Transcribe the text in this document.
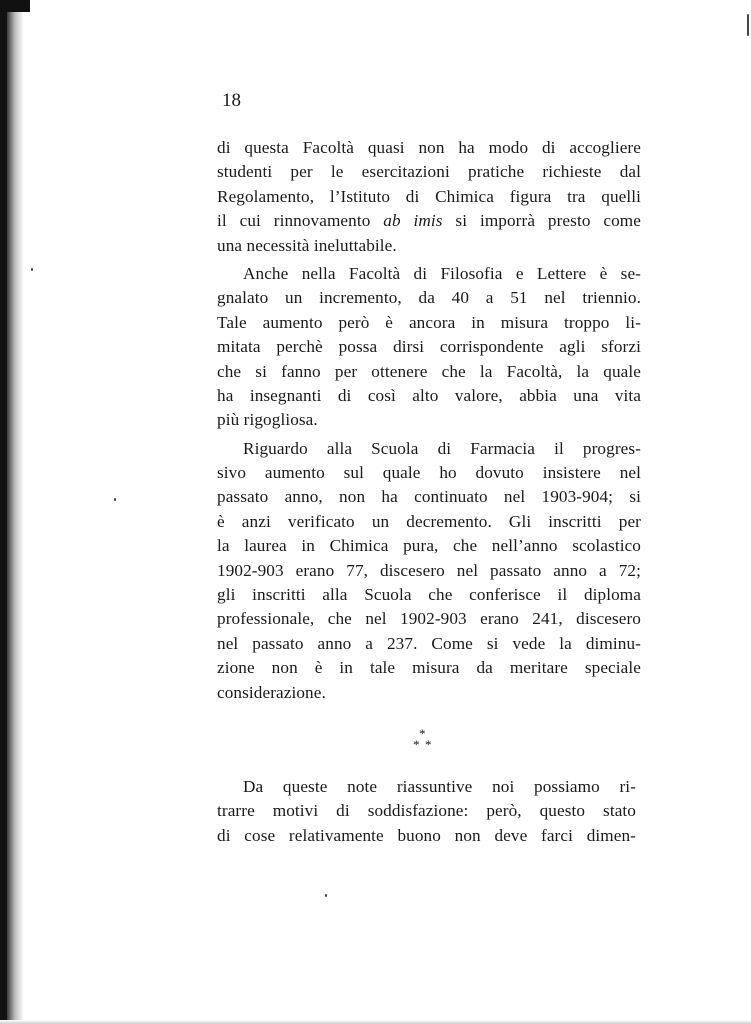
18
di questa Facoltà quasi non ha modo di accogliere
studenti per le esercitazioni pratiche richieste dal
Regolamento, l’Istituto di Chimica figura tra quelli
il cui rinnovamento ab imis si imporrà presto come
una necessità ineluttabile.
Anche nella Facoltà di Filosofia e Lettere è se-
gnalato un incremento, da 40 a 51 nel triennio.
Tale aumento però è ancora in misura troppo li-
mitata perchè possa dirsi corrispondente agli sforzi
che si fanno per ottenere che la Facoltà, la quale
ha insegnanti di così alto valore, abbia una vita
più rigogliosa.
Riguardo alla Scuola di Farmacia il progres-
sivo aumento sul quale ho dovuto insistere nel
passato anno, non ha continuato nel 1903-904; si
è anzi verificato un decremento. Gli inscritti per
la laurea in Chimica pura, che nell’anno scolastico
1902-903 erano 77, discesero nel passato anno a 72;
gli inscritti alla Scuola che conferisce il diploma
professionale, che nel 1902-903 erano 241, discesero
nel passato anno a 237. Come si vede la diminu-
zione non è in tale misura da meritare speciale
considerazione.
*
* *
Da queste note riassuntive noi possiamo ri-
trarre motivi di soddisfazione: però, questo stato
di cose relativamente buono non deve farci dimen-
